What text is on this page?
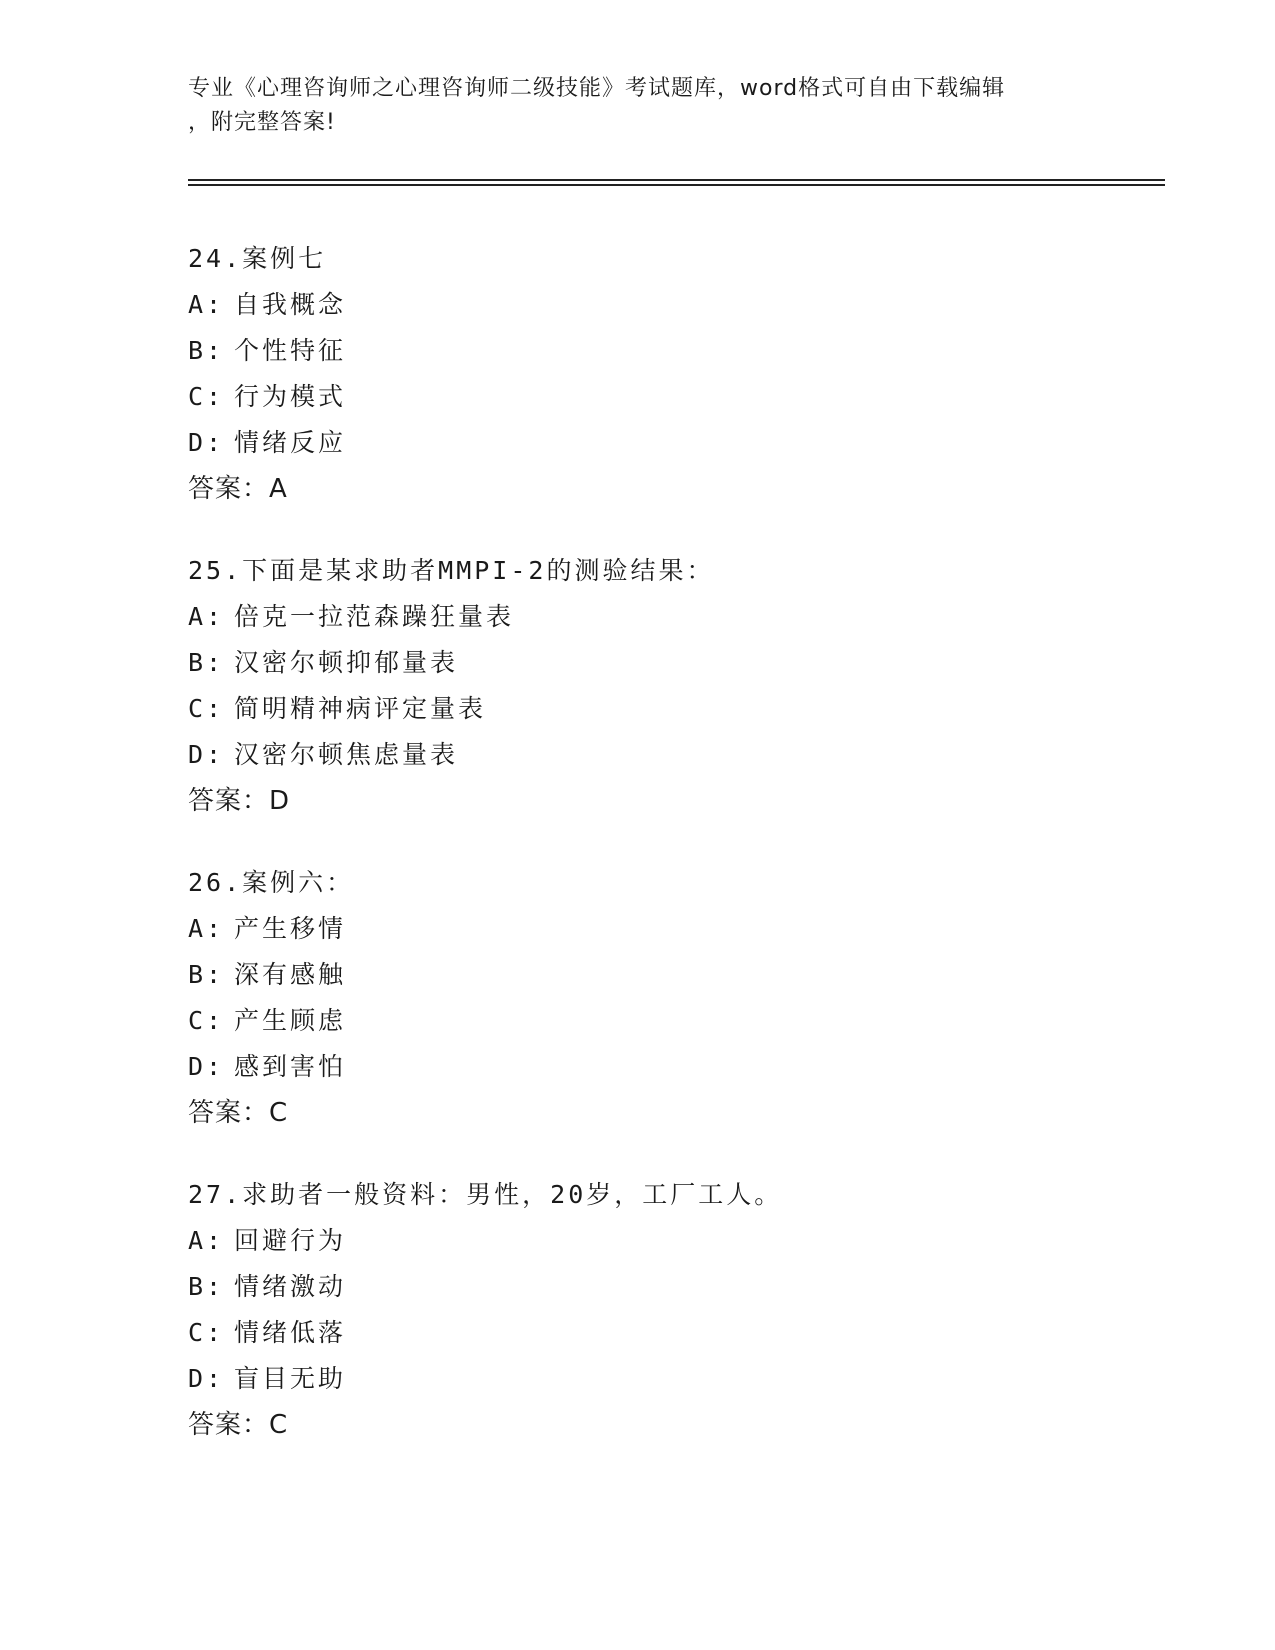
专业《心理咨询师之心理咨询师二级技能》考试题库，word格式可自由下载编辑
，附完整答案!
24.案例七
A: 自我概念
B: 个性特征
C: 行为模式
D: 情绪反应
答案：A
25.下面是某求助者MMPI-2的测验结果：
A: 倍克一拉范森躁狂量表
B: 汉密尔顿抑郁量表
C: 简明精神病评定量表
D: 汉密尔顿焦虑量表
答案：D
26.案例六：
A: 产生移情
B: 深有感触
C: 产生顾虑
D: 感到害怕
答案：C
27.求助者一般资料：男性，20岁，工厂工人。
A: 回避行为
B: 情绪激动
C: 情绪低落
D: 盲目无助
答案：C
